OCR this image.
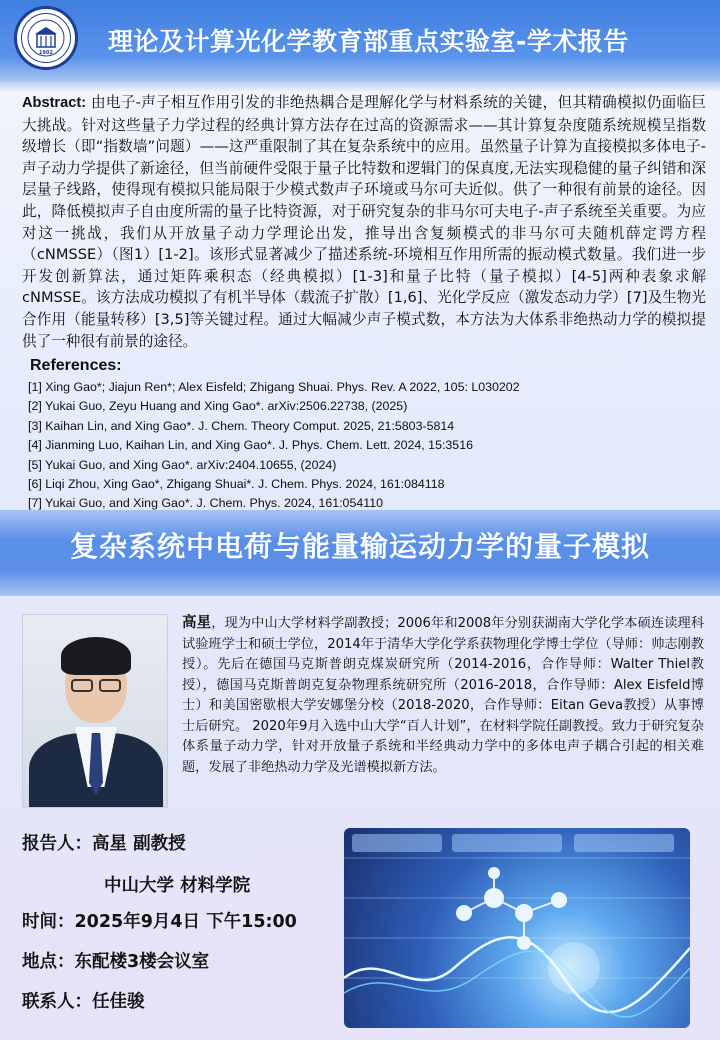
1902 理论及计算光化学教育部重点实验室-学术报告
Abstract: 由电子-声子相互作用引发的非绝热耦合是理解化学与材料系统的关键，但其精确模拟仍面临巨大挑战。针对这些量子力学过程的经典计算方法存在过高的资源需求——其计算复杂度随系统规模呈指数级增长（即“指数墙”问题）——这严重限制了其在复杂系统中的应用。虽然量子计算为直接模拟多体电子-声子动力学提供了新途径，但当前硬件受限于量子比特数和逻辑门的保真度,无法实现稳健的量子纠错和深层量子线路，使得现有模拟只能局限于少模式数声子环境或马尔可夫近似。供了一种很有前景的途径。因此，降低模拟声子自由度所需的量子比特资源，对于研究复杂的非马尔可夫电子-声子系统至关重要。为应对这一挑战，我们从开放量子动力学理论出发，推导出含复频模式的非马尔可夫随机薛定谔方程（cNMSSE）（图1）[1-2]。该形式显著减少了描述系统-环境相互作用所需的振动模式数量。我们进一步开发创新算法，通过矩阵乘积态（经典模拟）[1-3]和量子比特（量子模拟）[4-5]两种表象求解cNMSSE。该方法成功模拟了有机半导体（载流子扩散）[1,6]、光化学反应（激发态动力学）[7]及生物光合作用（能量转移）[3,5]等关键过程。通过大幅减少声子模式数，本方法为大体系非绝热动力学的模拟提供了一种很有前景的途径。
References:
[1] Xing Gao*; Jiajun Ren*; Alex Eisfeld; Zhigang Shuai. Phys. Rev. A 2022, 105: L030202
[2] Yukai Guo, Zeyu Huang and Xing Gao*. arXiv:2506.22738, (2025)
[3] Kaihan Lin, and Xing Gao*. J. Chem. Theory Comput. 2025, 21:5803-5814
[4] Jianming Luo, Kaihan Lin, and Xing Gao*. J. Phys. Chem. Lett. 2024, 15:3516
[5] Yukai Guo, and Xing Gao*. arXiv:2404.10655, (2024)
[6] Liqi Zhou, Xing Gao*, Zhigang Shuai*. J. Chem. Phys. 2024, 161:084118
[7] Yukai Guo, and Xing Gao*. J. Chem. Phys. 2024, 161:054110
复杂系统中电荷与能量输运动力学的量子模拟
高星，现为中山大学材料学副教授；2006年和2008年分别获湖南大学化学本硕连读理科试验班学士和硕士学位，2014年于清华大学化学系获物理化学博士学位（导师：帅志刚教授）。先后在德国马克斯普朗克煤炭研究所（2014-2016，合作导师：Walter Thiel教授），德国马克斯普朗克复杂物理系统研究所（2016-2018，合作导师：Alex Eisfeld博士）和美国密歇根大学安娜堡分校（2018-2020，合作导师：Eitan Geva教授）从事博士后研究。 2020年9月入选中山大学“百人计划”，在材料学院任副教授。致力于研究复杂体系量子动力学，针对开放量子系统和半经典动力学中的多体电声子耦合引起的相关难题，发展了非绝热动力学及光谱模拟新方法。
报告人：高星 副教授
中山大学 材料学院
时间：2025年9月4日 下午15:00
地点：东配楼3楼会议室
联系人：任佳骏
